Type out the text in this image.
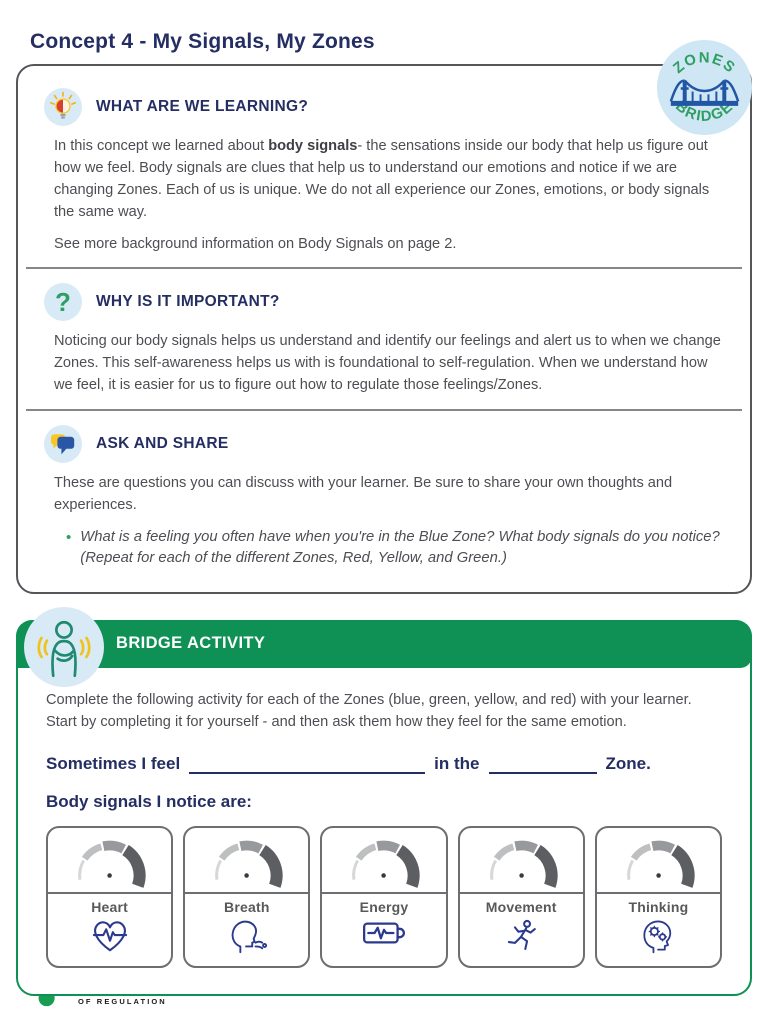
Concept 4 - My Signals, My Zones
ZONES
BRIDGE
WHAT ARE WE LEARNING?

In this concept we learned about body signals- the sensations inside our body that help us figure out how we feel. Body signals are clues that help us to understand our emotions and notice if we are changing Zones. Each of us is unique. We do not all experience our Zones, emotions, or body signals the same way.

See more background information on Body Signals on page 2.

? WHY IS IT IMPORTANT?

Noticing our body signals helps us understand and identify our feelings and alert us to when we change Zones. This self-awareness helps us with is foundational to self-regulation. When we understand how we feel, it is easier for us to figure out how to regulate those feelings/Zones.

ASK AND SHARE

These are questions you can discuss with your learner. Be sure to share your own thoughts and experiences.

• What is a feeling you often have when you're in the Blue Zone? What body signals do you notice? (Repeat for each of the different Zones, Red, Yellow, and Green.)
BRIDGE ACTIVITY

Complete the following activity for each of the Zones (blue, green, yellow, and red) with your learner. Start by completing it for yourself - and then ask them how they feel for the same emotion.

Sometimes I feel	in the	Zone.
Body signals I notice are:
Heart	Breath	Energy	Movement	Thinking
OF REGULATION
